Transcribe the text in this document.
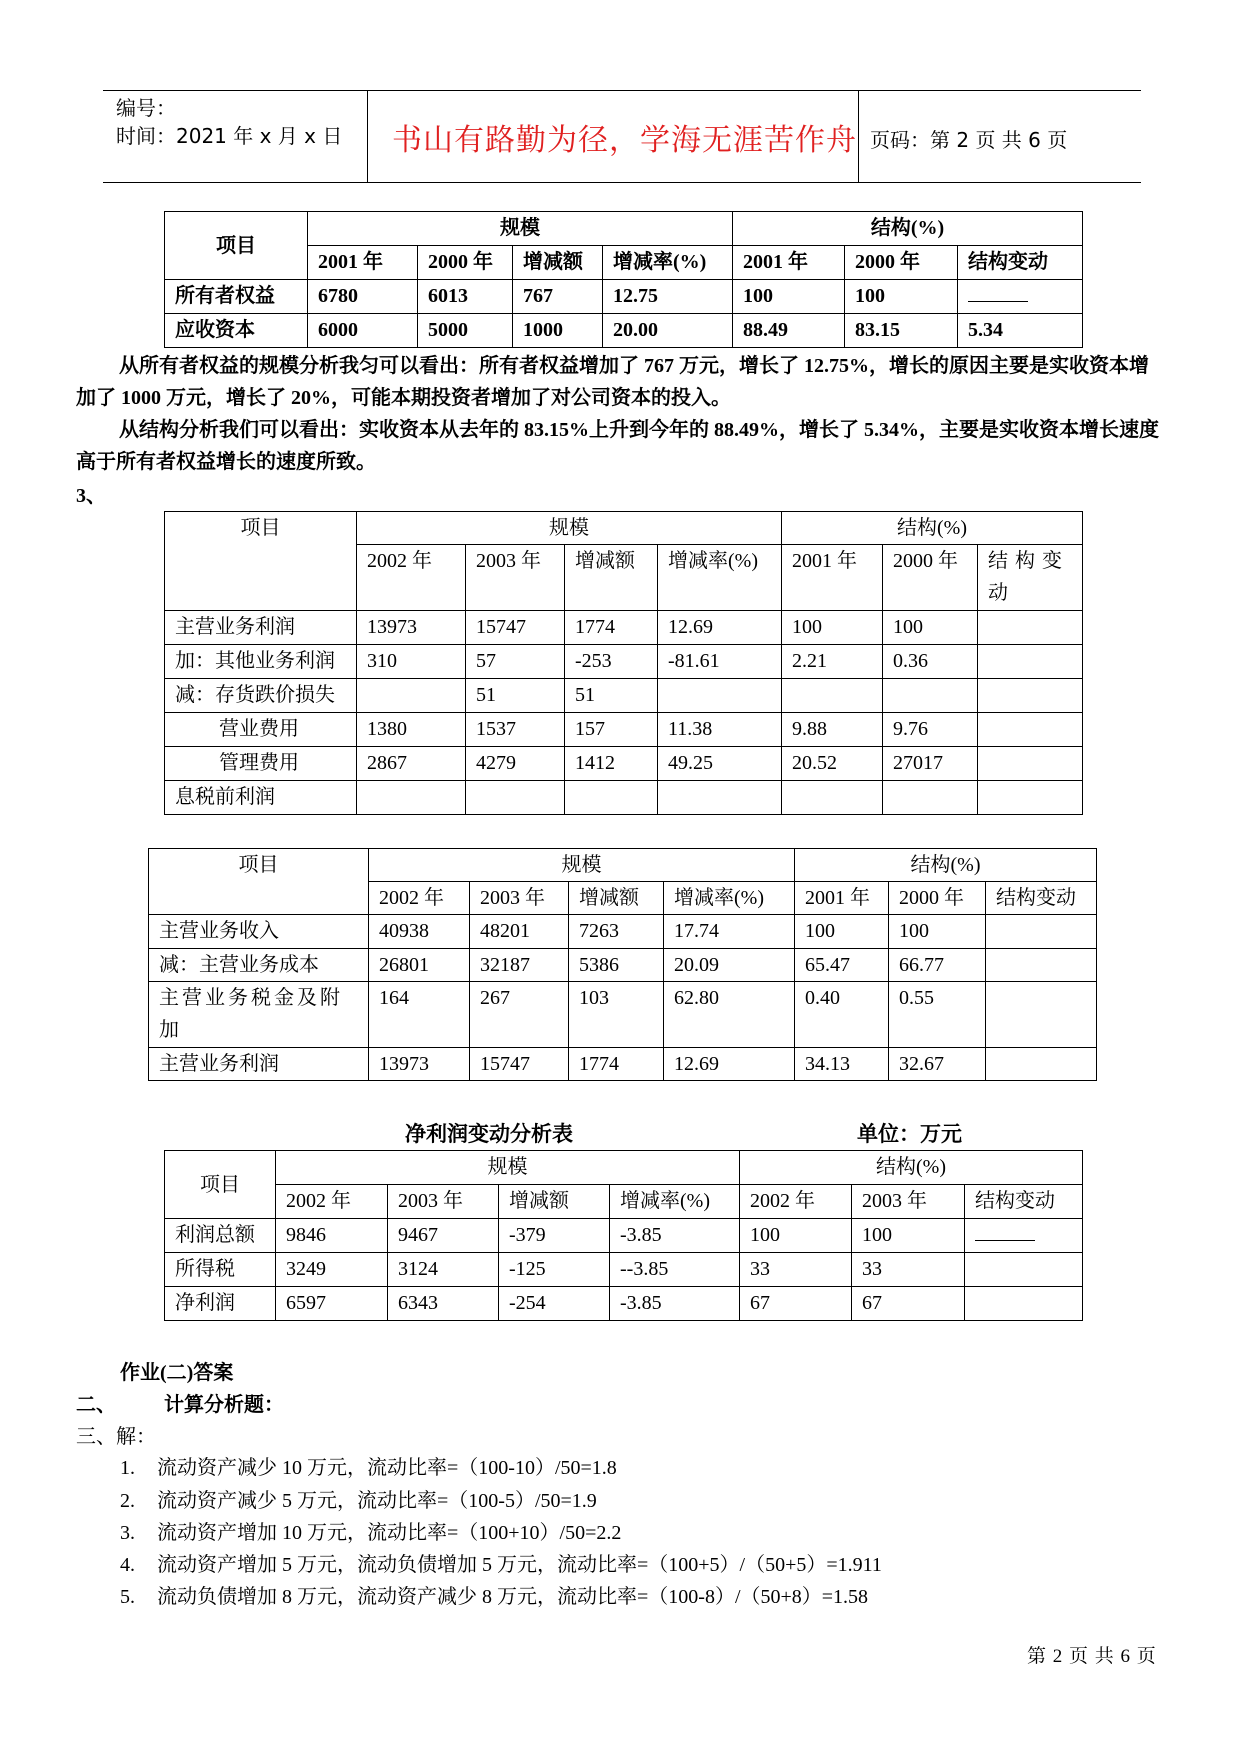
编号：
时间：2021 年 x 月 x 日 书山有路勤为径，学海无涯苦作舟 页码：第 2 页 共 6 页
项目	规模				结构(%)		
	2001 年	2000 年	增减额	增减率(%)	2001 年	2000 年	结构变动
所有者权益	6780	6013	767	12.75	100	100	
应收资本	6000	5000	1000	20.00	88.49	83.15	5.34
从所有者权益的规模分析我匀可以看出：所有者权益增加了 767 万元，增长了 12.75%，增长的原因主要是实收资本增加了 1000 万元，增长了 20%，可能本期投资者增加了对公司资本的投入。
从结构分析我们可以看出：实收资本从去年的 83.15%上升到今年的 88.49%，增长了 5.34%，主要是实收资本增长速度高于所有者权益增长的速度所致。
3、
项目	规模				结构(%)		
	2002 年	2003 年	增减额	增减率(%)	2001 年	2000 年	结 构 变 动
主营业务利润	13973	15747	1774	12.69	100	100	
加：其他业务利润	310	57	-253	-81.61	2.21	0.36	
减：存货跌价损失		51	51				
营业费用	1380	1537	157	11.38	9.88	9.76	
管理费用	2867	4279	1412	49.25	20.52	27017	
息税前利润							
项目	规模				结构(%)		
	2002 年	2003 年	增减额	增减率(%)	2001 年	2000 年	结构变动
主营业务收入	40938	48201	7263	17.74	100	100	
减：主营业务成本	26801	32187	5386	20.09	65.47	66.77	
主营业务税金及附加	164	267	103	62.80	0.40	0.55	
主营业务利润	13973	15747	1774	12.69	34.13	32.67	
净利润变动分析表	单位：万元
项目	规模				结构(%)		
	2002 年	2003 年	增减额	增减率(%)	2002 年	2003 年	结构变动
利润总额	9846	9467	-379	-3.85	100	100	
所得税	3249	3124	-125	--3.85	33	33	
净利润	6597	6343	-254	-3.85	67	67	
作业(二)答案
二、 计算分析题：
三、解：
1. 流动资产减少 10 万元，流动比率=（100-10）/50=1.8
2. 流动资产减少 5 万元，流动比率=（100-5）/50=1.9
3. 流动资产增加 10 万元，流动比率=（100+10）/50=2.2
4. 流动资产增加 5 万元，流动负债增加 5 万元，流动比率=（100+5）/（50+5）=1.911
5. 流动负债增加 8 万元，流动资产减少 8 万元，流动比率=（100-8）/（50+8）=1.58
第 2 页 共 6 页
